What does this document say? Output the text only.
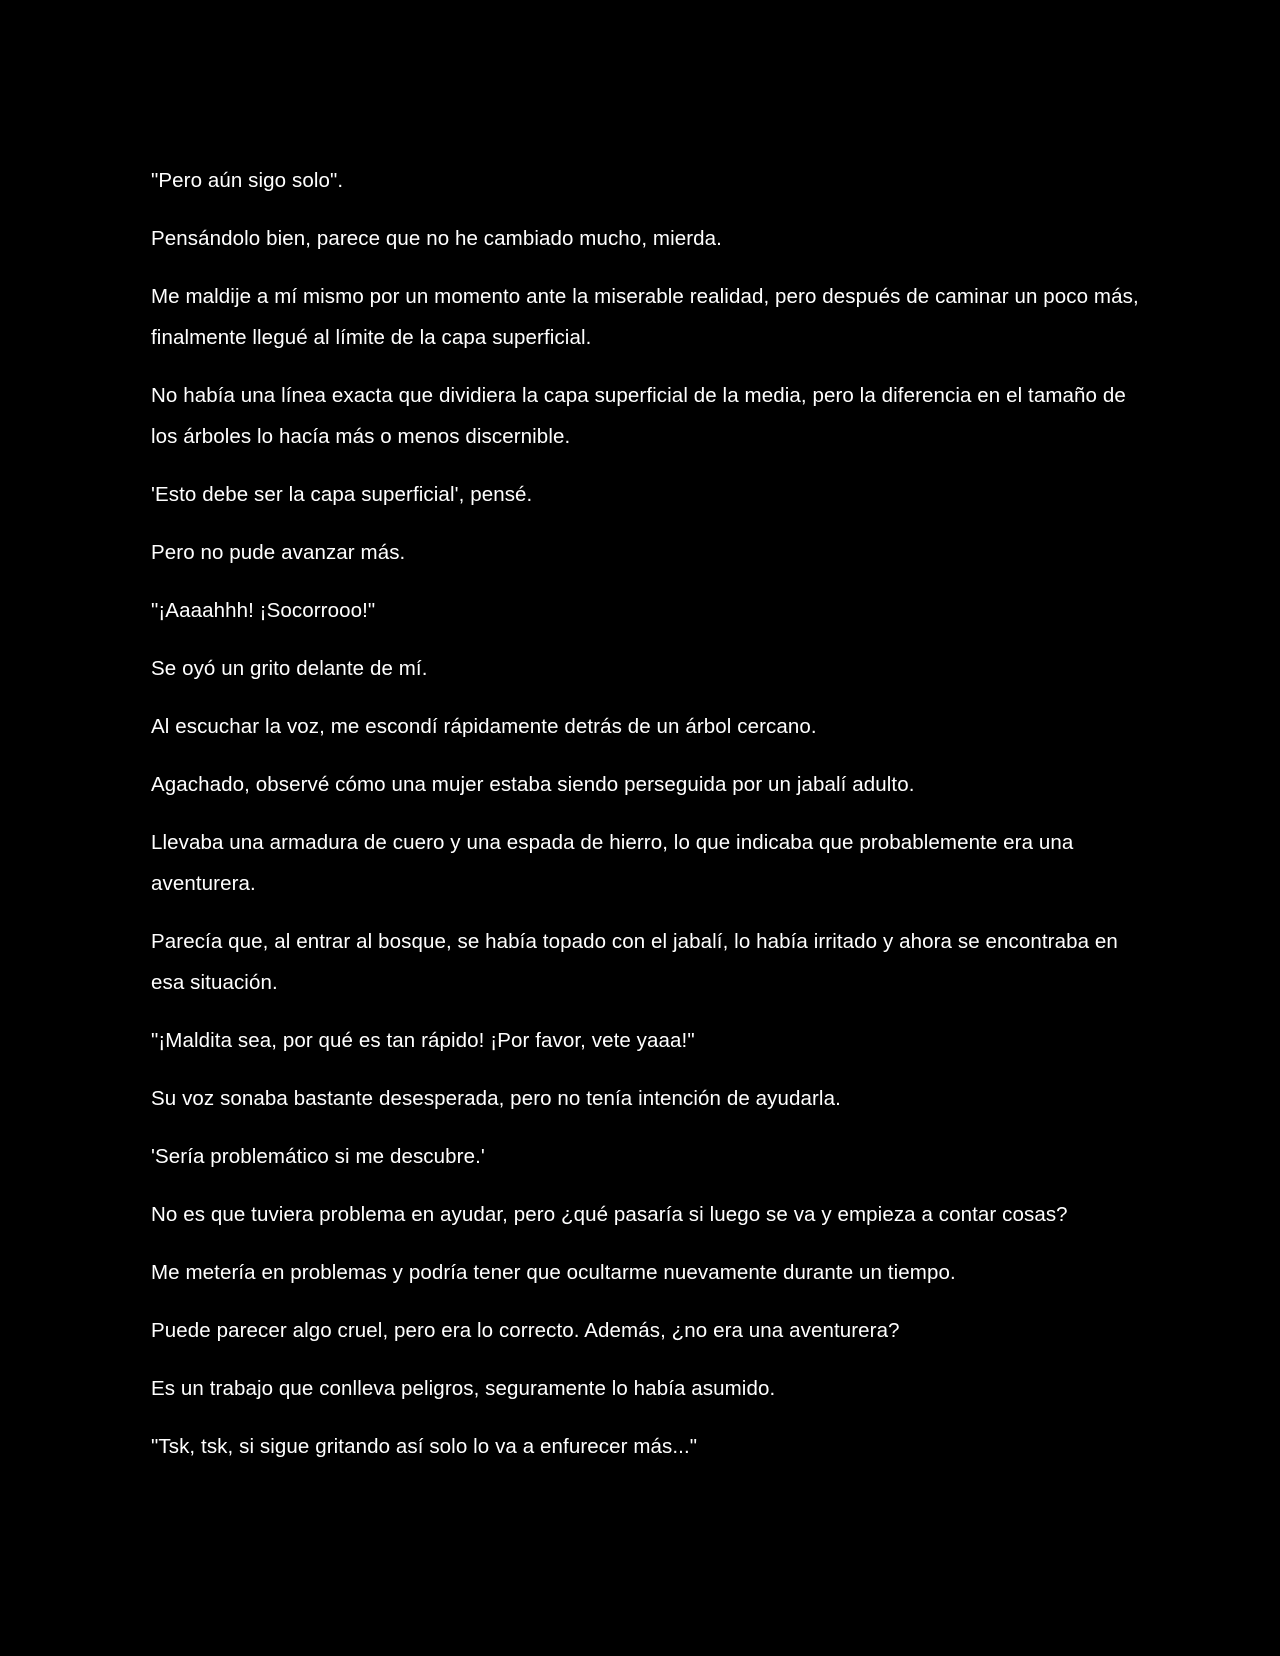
"Pero aún sigo solo".

Pensándolo bien, parece que no he cambiado mucho, mierda.

Me maldije a mí mismo por un momento ante la miserable realidad, pero después de caminar un poco más, finalmente llegué al límite de la capa superficial.

No había una línea exacta que dividiera la capa superficial de la media, pero la diferencia en el tamaño de los árboles lo hacía más o menos discernible.

'Esto debe ser la capa superficial', pensé.

Pero no pude avanzar más.

"¡Aaaahhh! ¡Socorrooo!"

Se oyó un grito delante de mí.

Al escuchar la voz, me escondí rápidamente detrás de un árbol cercano.

Agachado, observé cómo una mujer estaba siendo perseguida por un jabalí adulto.

Llevaba una armadura de cuero y una espada de hierro, lo que indicaba que probablemente era una aventurera.

Parecía que, al entrar al bosque, se había topado con el jabalí, lo había irritado y ahora se encontraba en esa situación.

"¡Maldita sea, por qué es tan rápido! ¡Por favor, vete yaaa!"

Su voz sonaba bastante desesperada, pero no tenía intención de ayudarla.

'Sería problemático si me descubre.'

No es que tuviera problema en ayudar, pero ¿qué pasaría si luego se va y empieza a contar cosas?

Me metería en problemas y podría tener que ocultarme nuevamente durante un tiempo.

Puede parecer algo cruel, pero era lo correcto. Además, ¿no era una aventurera?

Es un trabajo que conlleva peligros, seguramente lo había asumido.

"Tsk, tsk, si sigue gritando así solo lo va a enfurecer más..."
